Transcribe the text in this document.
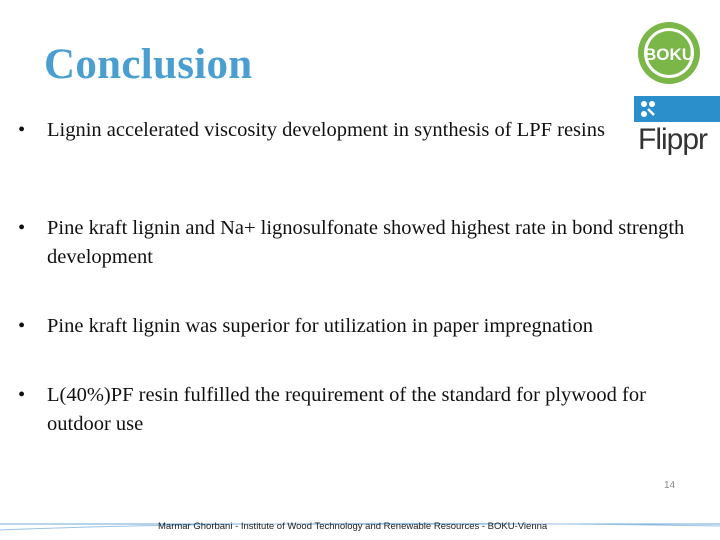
Conclusion
•	Lignin accelerated viscosity development in synthesis of LPF resins
•	Pine kraft lignin and Na+ lignosulfonate showed highest rate in bond strength development
•	Pine kraft lignin was superior for utilization in paper impregnation
•	L(40%)PF resin fulfilled the requirement of the standard for plywood for outdoor use
BOKU
Flippr
14
Marmar Ghorbani - Institute of Wood Technology and Renewable Resources - BOKU-Vienna
